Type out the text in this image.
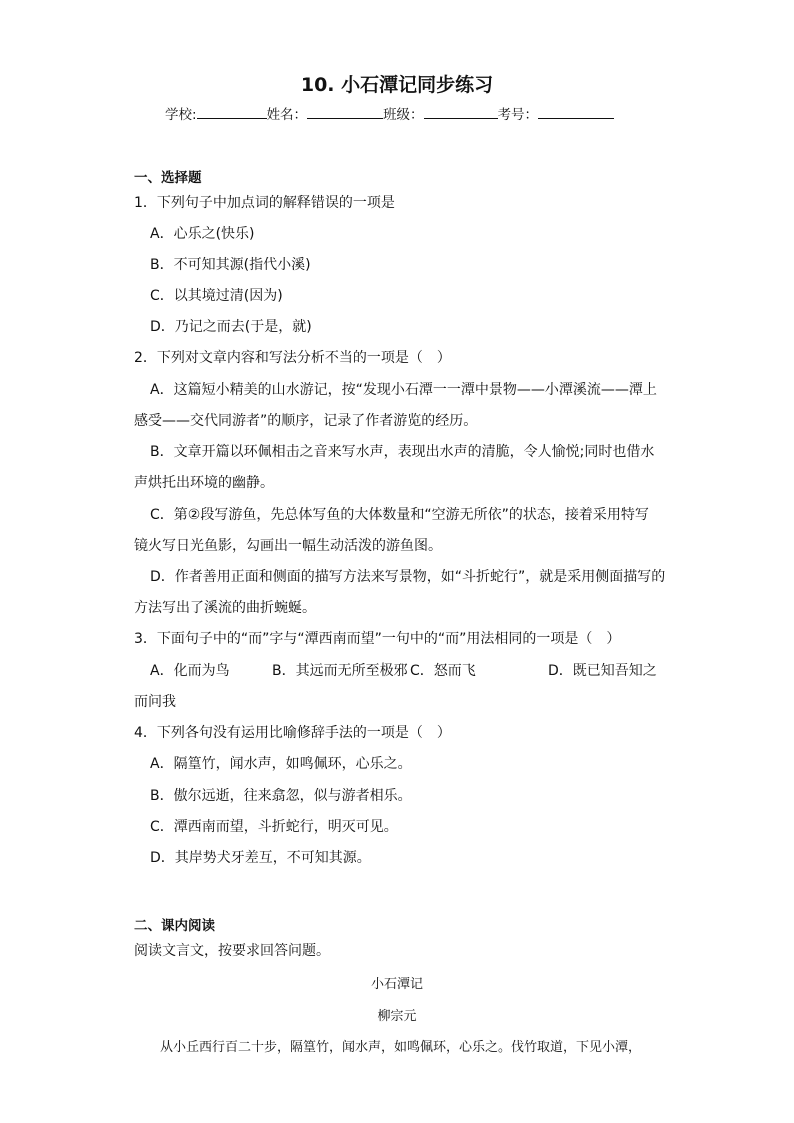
10. 小石潭记同步练习
学校:	姓名：	班级：	考号：
一、选择题
1．下列句子中加点词的解释错误的一项是
A．心乐之(快乐)
B．不可知其源(指代小溪)
C．以其境过清(因为)
D．乃记之而去(于是，就)
2．下列对文章内容和写法分析不当的一项是（　）
A．这篇短小精美的山水游记，按“发现小石潭一一潭中景物——小潭溪流——潭上
感受——交代同游者”的顺序，记录了作者游览的经历。
B．文章开篇以环佩相击之音来写水声，表现出水声的清脆，令人愉悦;同时也借水
声烘托出环境的幽静。
C．第②段写游鱼，先总体写鱼的大体数量和“空游无所依”的状态，接着采用特写
镜火写日光鱼影，勾画出一幅生动活泼的游鱼图。
D．作者善用正面和侧面的描写方法来写景物，如“斗折蛇行”，就是采用侧面描写的
方法写出了溪流的曲折蜿蜒。
3．下面句子中的“而”字与“潭西南而望”一句中的“而”用法相同的一项是（　）
A．化而为鸟	B．其远而无所至极邪 C．怒而飞	D．既已知吾知之
而问我
4．下列各句没有运用比喻修辞手法的一项是（　）
A．隔篁竹，闻水声，如鸣佩环，心乐之。
B．傲尔远逝，往来翕忽，似与游者相乐。
C．潭西南而望，斗折蛇行，明灭可见。
D．其岸势犬牙差互，不可知其源。
二、课内阅读
阅读文言文，按要求回答问题。
小石潭记
柳宗元
从小丘西行百二十步，隔篁竹，闻水声，如鸣佩环，心乐之。伐竹取道，下见小潭，
